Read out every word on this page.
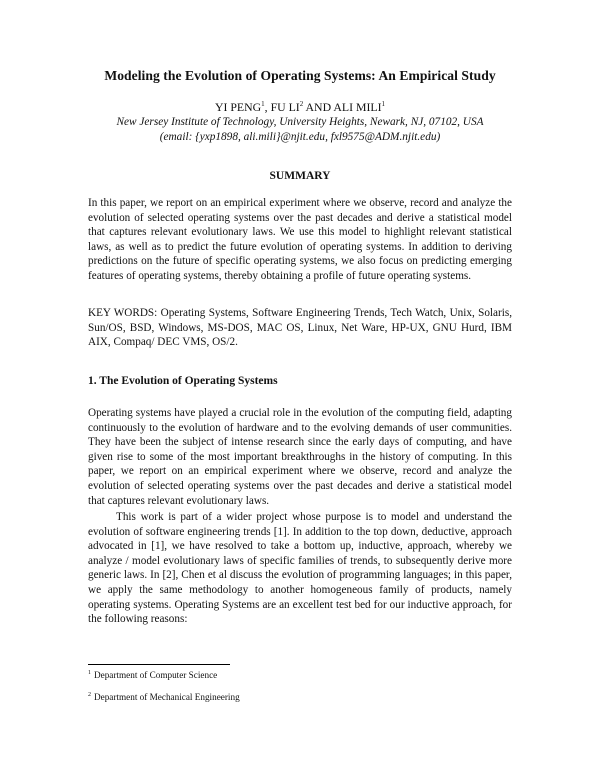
Modeling the Evolution of Operating Systems: An Empirical Study
YI PENG$^1$, FU $LI^2$ AND ALI MILI$^1$
New Jersey Institute of Technology, University Heights, Newark, NJ, 07102, USA
(email: {yxp1898, ali.mili}@njit.edu, fxl9575@ADM.njit.edu)
SUMMARY
In this paper, we report on an empirical experiment where we observe, record and analyze the evolution of selected operating systems over the past decades and derive a statistical model that captures relevant evolutionary laws. We use this model to highlight relevant statistical laws, as well as to predict the future evolution of operating systems. In addition to deriving predictions on the future of specific operating systems, we also focus on predicting emerging features of operating systems, thereby obtaining a profile of future operating systems.
KEY WORDS: Operating Systems, Software Engineering Trends, Tech Watch, Unix, Solaris, Sun/OS, BSD, Windows, MS-DOS, MAC OS, Linux, Net Ware, HP-UX, GNU Hurd, IBM AIX, Compaq/ DEC VMS, OS/2.
1. The Evolution of Operating Systems
Operating systems have played a crucial role in the evolution of the computing field, adapting continuously to the evolution of hardware and to the evolving demands of user communities. They have been the subject of intense research since the early days of computing, and have given rise to some of the most important breakthroughs in the history of computing. In this paper, we report on an empirical experiment where we observe, record and analyze the evolution of selected operating systems over the past decades and derive a statistical model that captures relevant evolutionary laws.
This work is part of a wider project whose purpose is to model and understand the evolution of software engineering trends [1]. In addition to the top down, deductive, approach advocated in [1], we have resolved to take a bottom up, inductive, approach, whereby we analyze / model evolutionary laws of specific families of trends, to subsequently derive more generic laws. In [2], Chen et al discuss the evolution of programming languages; in this paper, we apply the same methodology to another homogeneous family of products, namely operating systems. Operating Systems are an excellent test bed for our inductive approach, for the following reasons:
$^1$ Department of Computer Science
$^2$ Department of Mechanical Engineering
